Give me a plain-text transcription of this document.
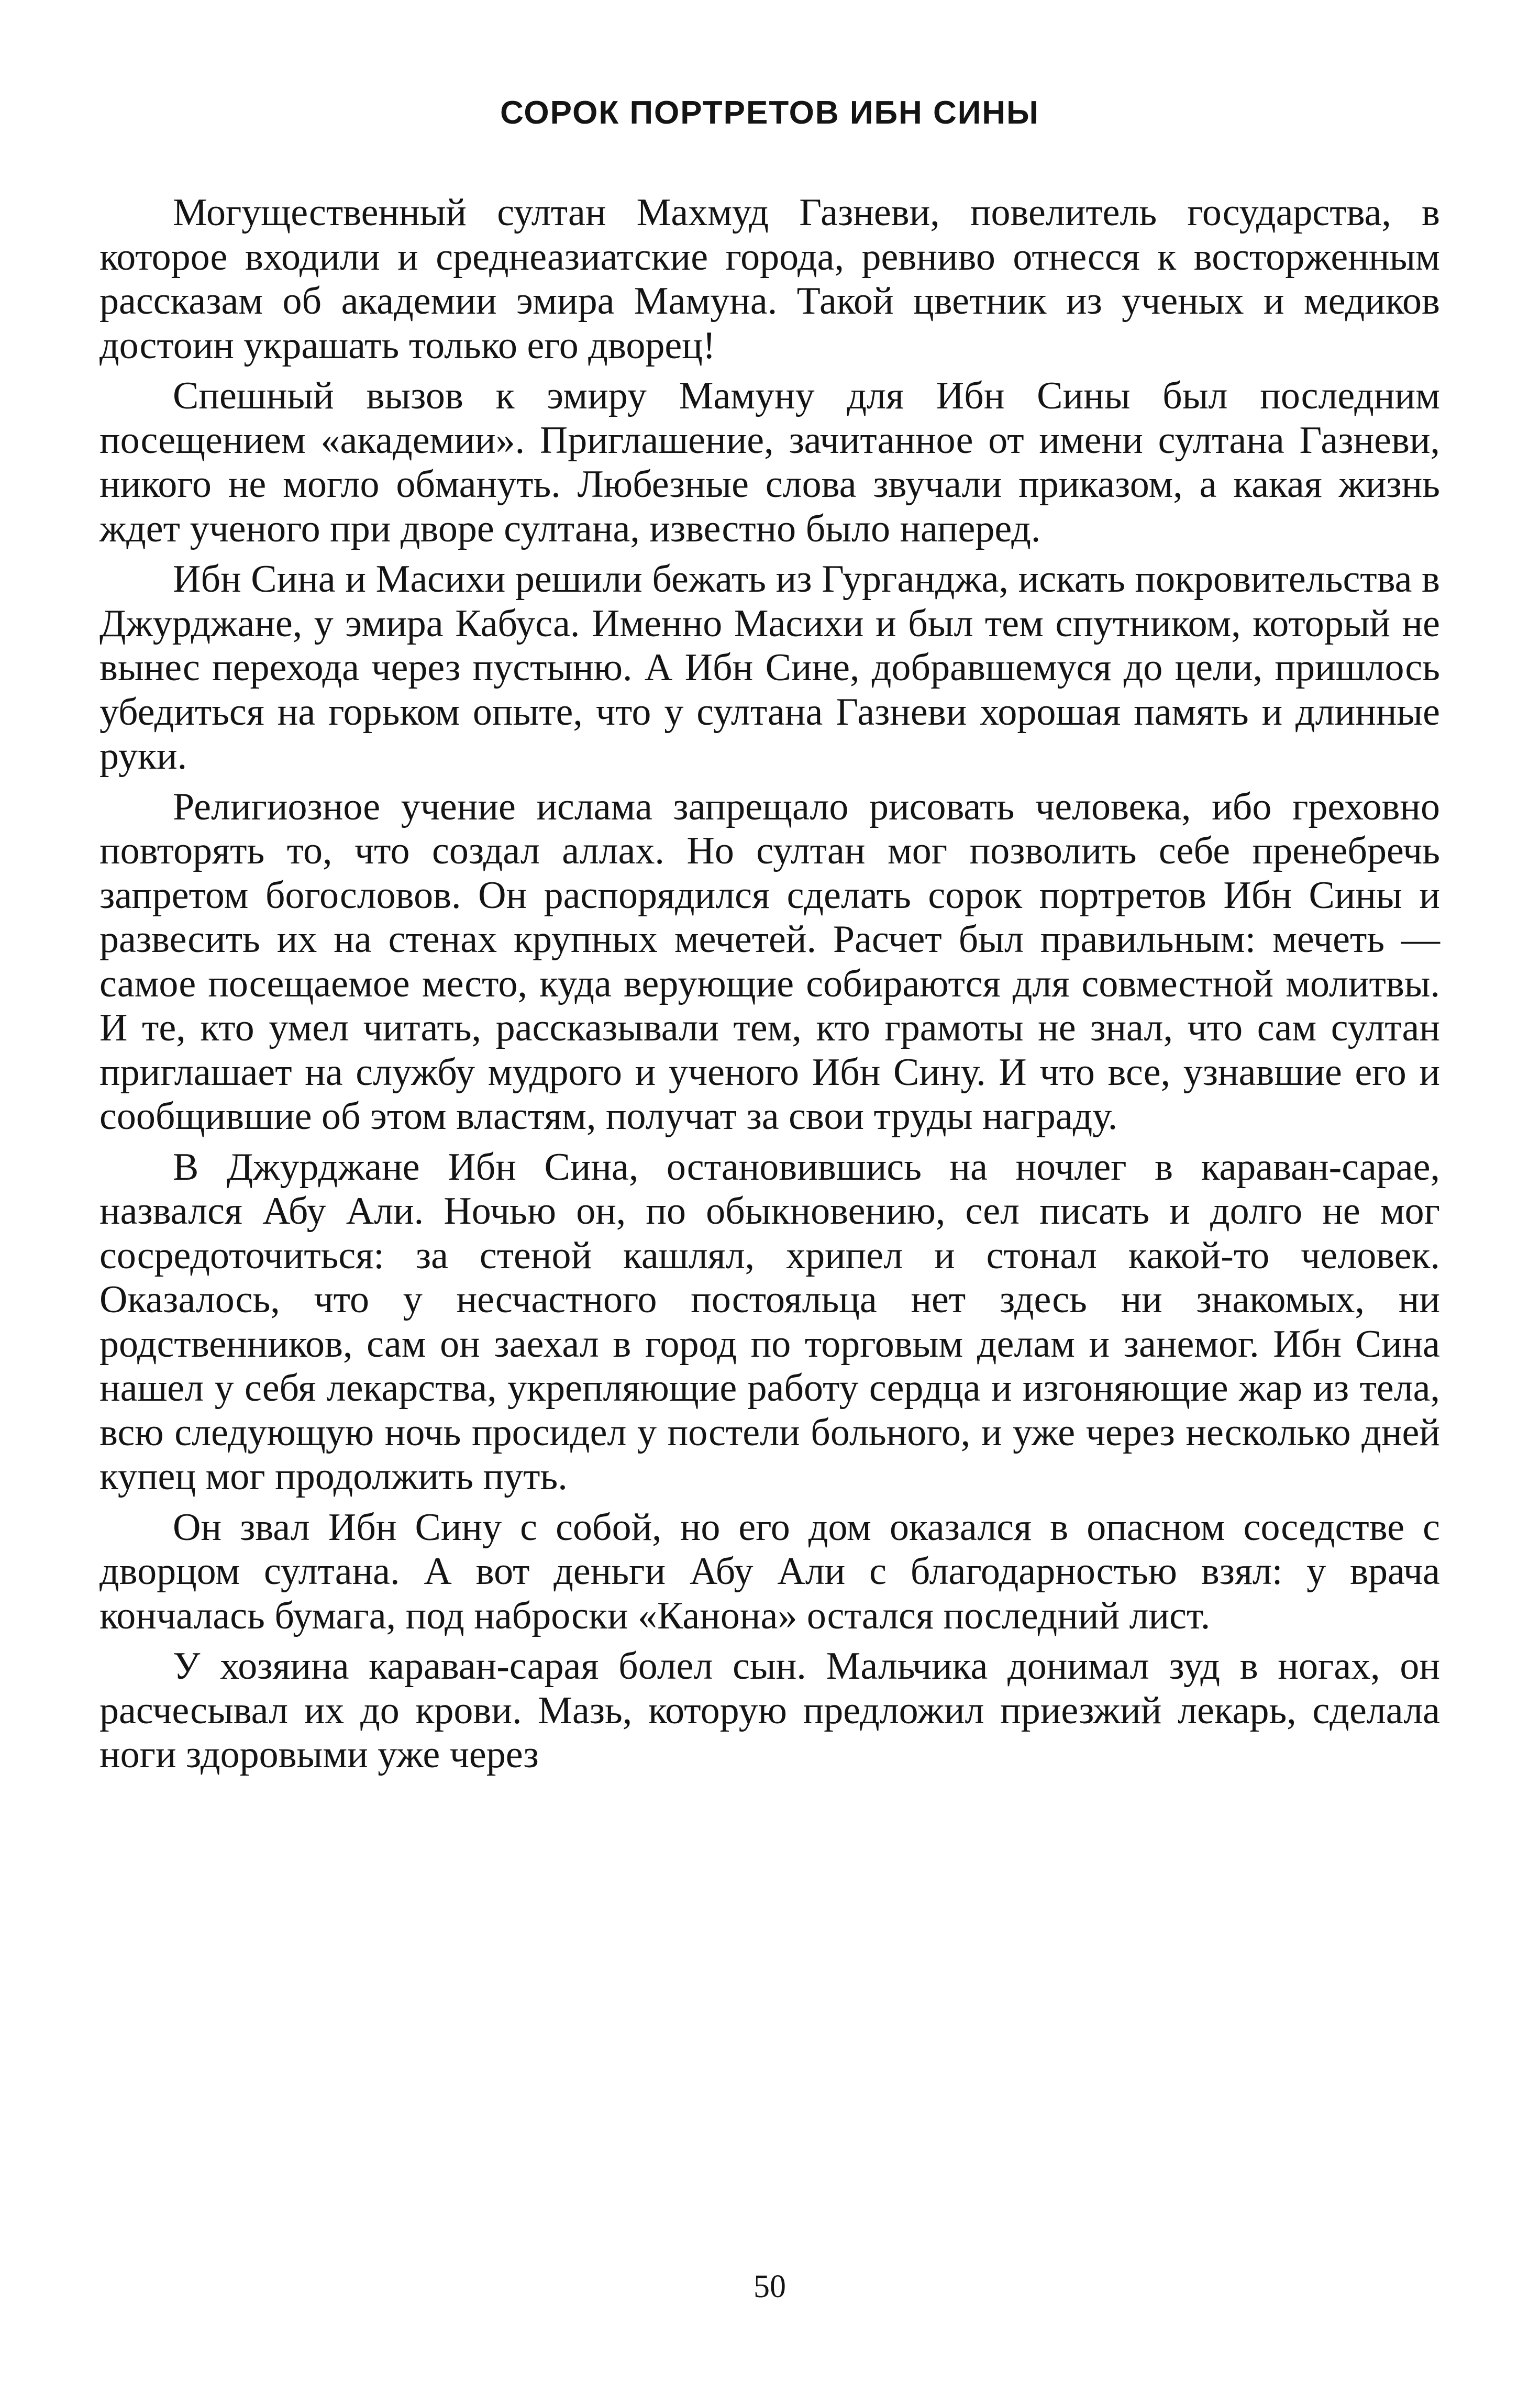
СОРОК ПОРТРЕТОВ ИБН СИНЫ

Могущественный султан Махмуд Газневи, повелитель государства, в которое входили и среднеазиатские города, ревниво отнесся к восторженным рассказам об академии эмира Мамуна. Такой цветник из ученых и медиков достоин украшать только его дворец!

Спешный вызов к эмиру Мамуну для Ибн Сины был последним посещением «академии». Приглашение, зачитанное от имени султана Газневи, никого не могло обмануть. Любезные слова звучали приказом, а какая жизнь ждет ученого при дворе султана, известно было наперед.

Ибн Сина и Масихи решили бежать из Гурганджа, искать покровительства в Джурджане, у эмира Кабуса. Именно Масихи и был тем спутником, который не вынес перехода через пустыню. А Ибн Сине, добравшемуся до цели, пришлось убедиться на горьком опыте, что у султана Газневи хорошая память и длинные руки.

Религиозное учение ислама запрещало рисовать человека, ибо греховно повторять то, что создал аллах. Но султан мог позволить себе пренебречь запретом богословов. Он распорядился сделать сорок портретов Ибн Сины и развесить их на стенах крупных мечетей. Расчет был правильным: мечеть — самое посещаемое место, куда верующие собираются для совместной молитвы. И те, кто умел читать, рассказывали тем, кто грамоты не знал, что сам султан приглашает на службу мудрого и ученого Ибн Сину. И что все, узнавшие его и сообщившие об этом властям, получат за свои труды награду.

В Джурджане Ибн Сина, остановившись на ночлег в караван-сарае, назвался Абу Али. Ночью он, по обыкновению, сел писать и долго не мог сосредоточиться: за стеной кашлял, хрипел и стонал какой-то человек. Оказалось, что у несчастного постояльца нет здесь ни знакомых, ни родственников, сам он заехал в город по торговым делам и занемог. Ибн Сина нашел у себя лекарства, укрепляющие работу сердца и изгоняющие жар из тела, всю следующую ночь просидел у постели больного, и уже через несколько дней купец мог продолжить путь.

Он звал Ибн Сину с собой, но его дом оказался в опасном соседстве с дворцом султана. А вот деньги Абу Али с благодарностью взял: у врача кончалась бумага, под наброски «Канона» остался последний лист.

У хозяина караван-сарая болел сын. Мальчика донимал зуд в ногах, он расчесывал их до крови. Мазь, которую предложил приезжий лекарь, сделала ноги здоровыми уже через

50
